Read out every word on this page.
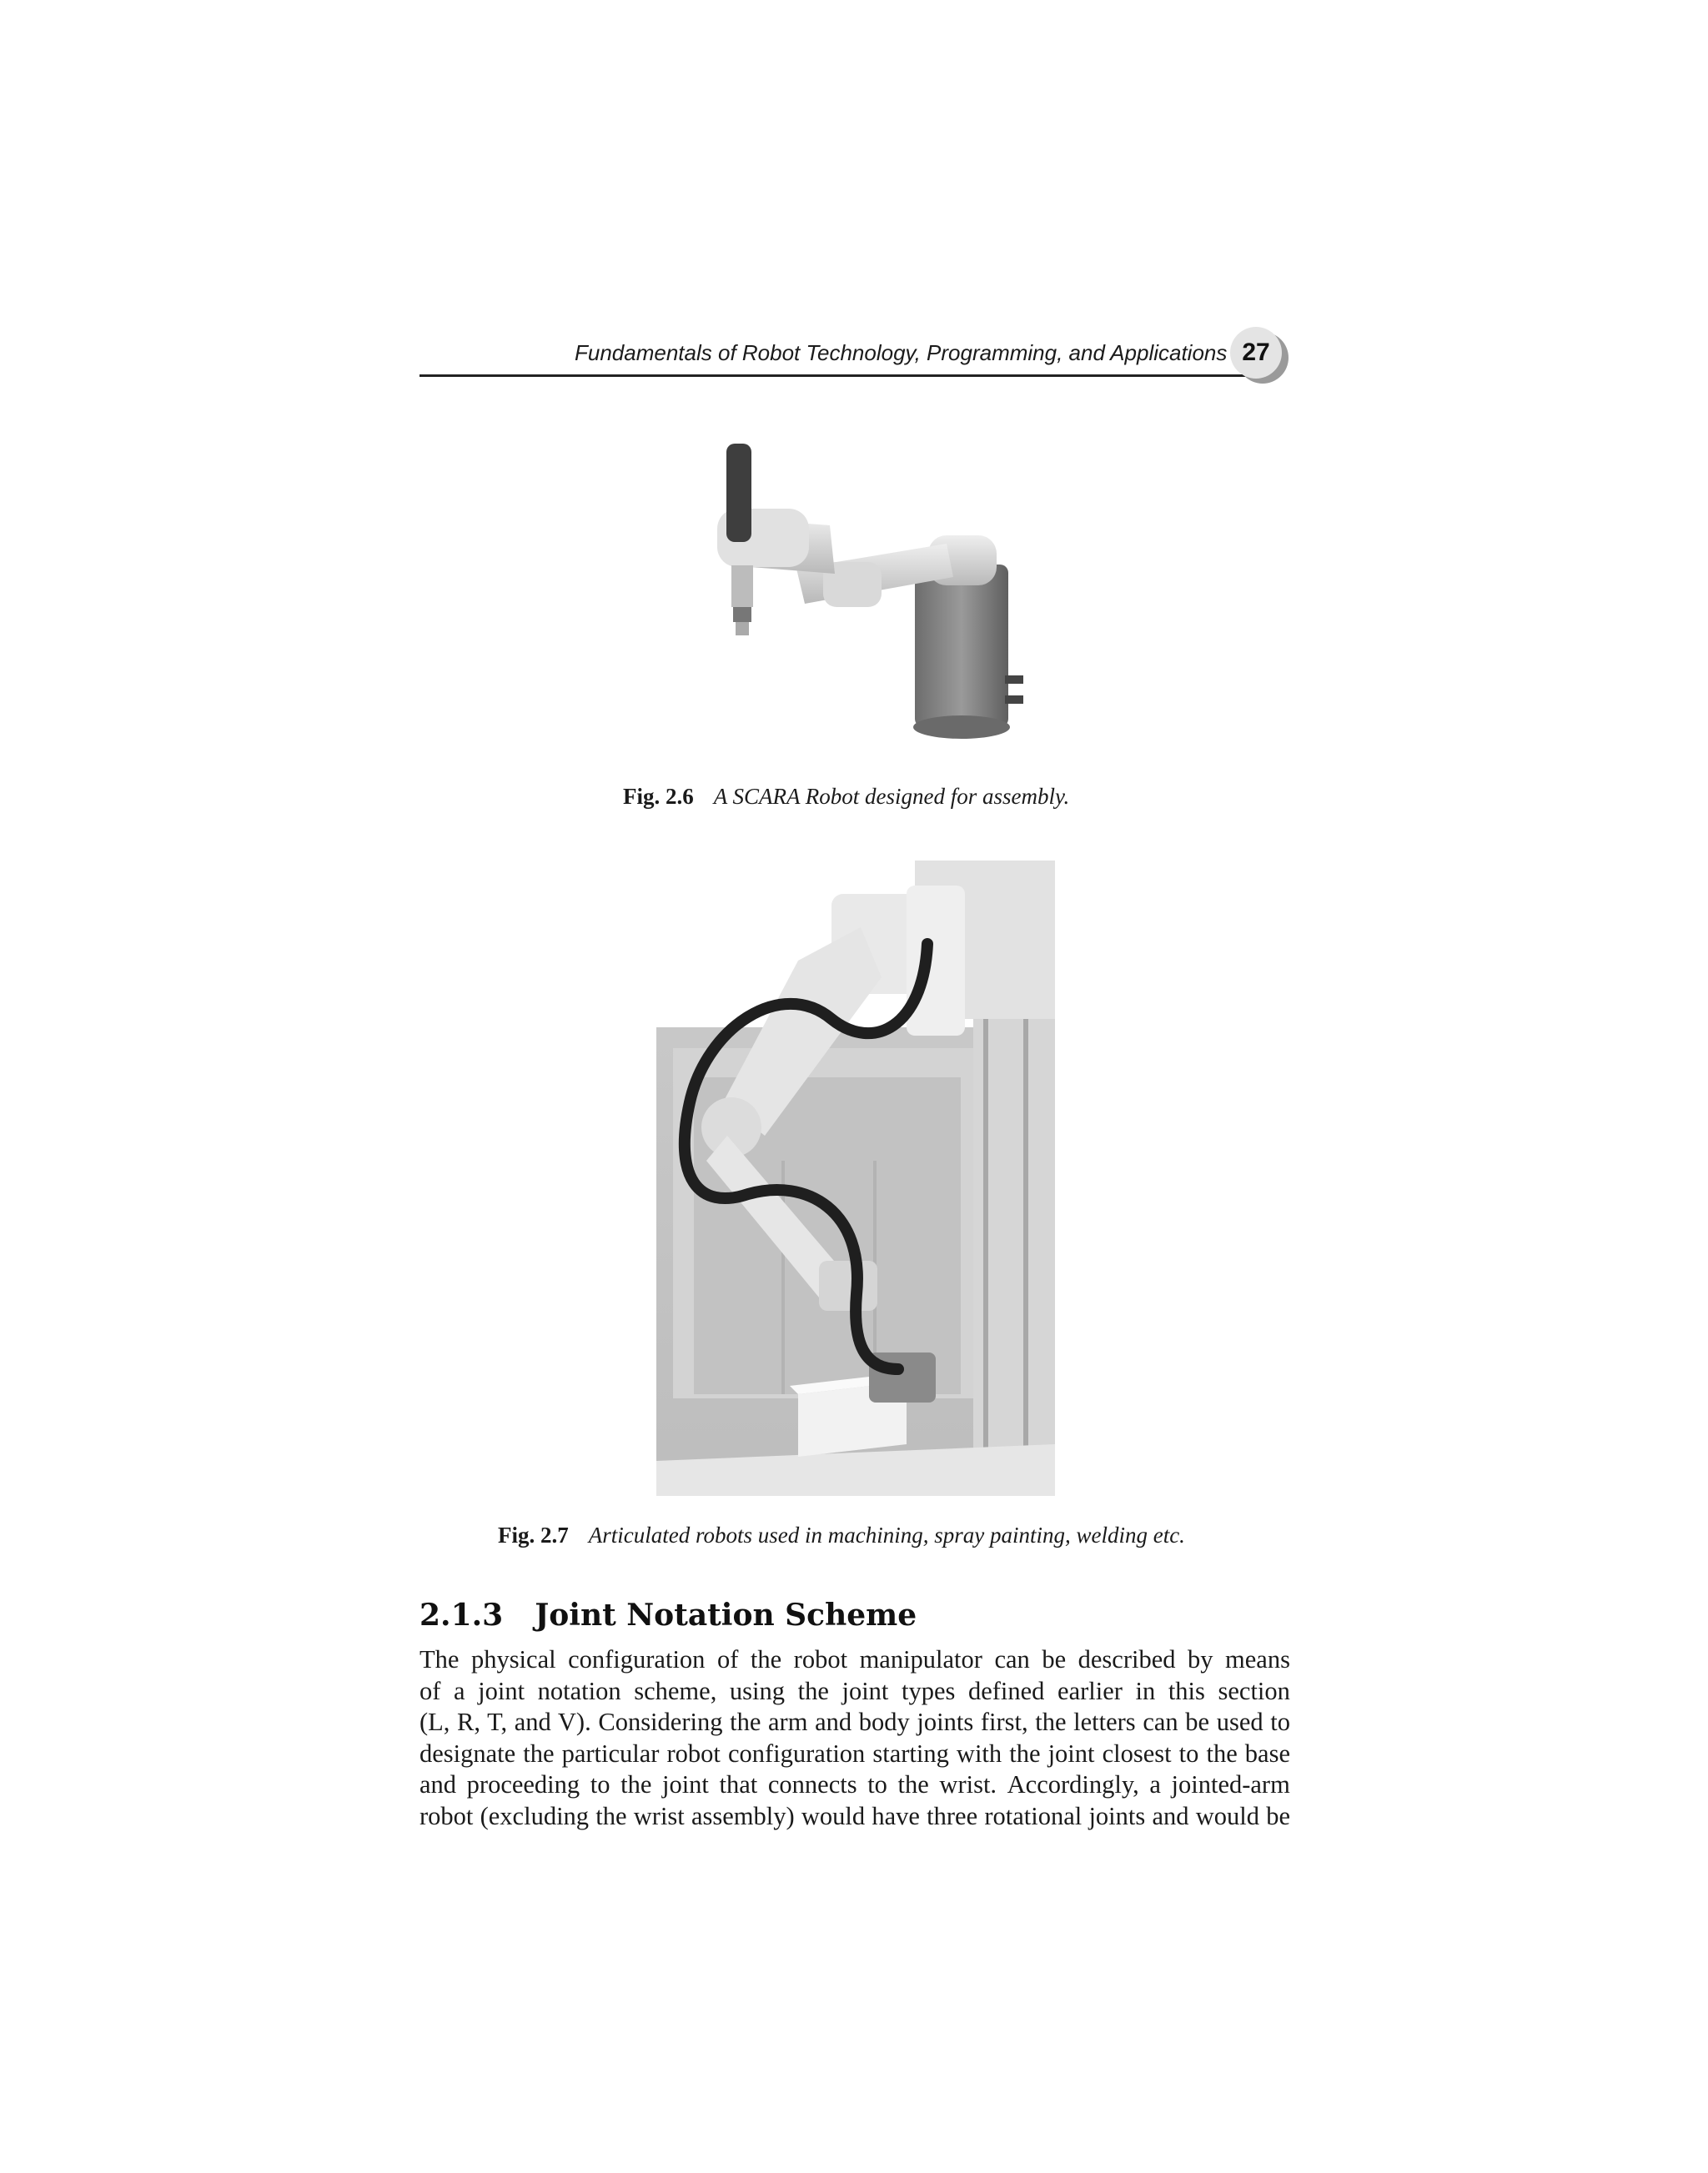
Fundamentals of Robot Technology, Programming, and Applications 27
Fig. 2.6 A SCARA Robot designed for assembly.
Fig. 2.7 Articulated robots used in machining, spray painting, welding etc.
2.1.3 Joint Notation Scheme
The physical configuration of the robot manipulator can be described by means
of a joint notation scheme, using the joint types defined earlier in this section
(L, R, T, and V). Considering the arm and body joints first, the letters can be used to
designate the particular robot configuration starting with the joint closest to the base
and proceeding to the joint that connects to the wrist. Accordingly, a jointed-arm
robot (excluding the wrist assembly) would have three rotational joints and would be
